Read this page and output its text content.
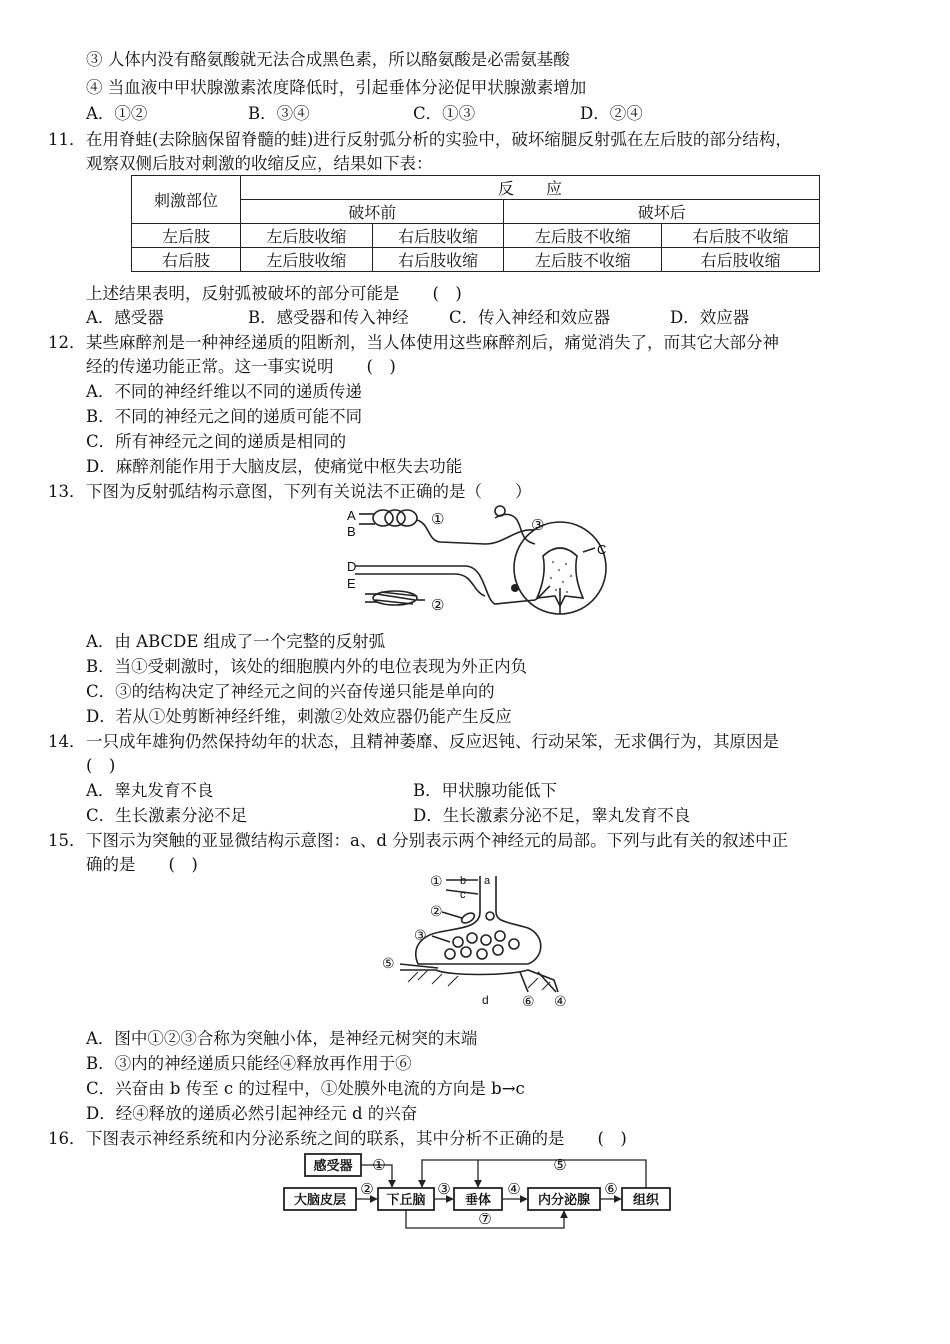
③ 人体内没有酪氨酸就无法合成黑色素，所以酪氨酸是必需氨基酸
④ 当血液中甲状腺激素浓度降低时，引起垂体分泌促甲状腺激素增加
A．①②	B．③④	C．①③	D．②④
11． 在用脊蛙(去除脑保留脊髓的蛙)进行反射弧分析的实验中，破坏缩腿反射弧在左后肢的部分结构，
观察双侧后肢对刺激的收缩反应，结果如下表：
刺激部位	反　　应			
	破坏前		破坏后	
左后肢	左后肢收缩	右后肢收缩	左后肢不收缩	右后肢不收缩
右后肢	左后肢收缩	右后肢收缩	左后肢不收缩	右后肢收缩
上述结果表明，反射弧被破坏的部分可能是　　(　)
A．感受器	B．感受器和传入神经 C．传入神经和效应器	D．效应器
12． 某些麻醉剂是一种神经递质的阻断剂，当人体使用这些麻醉剂后，痛觉消失了，而其它大部分神
经的传递功能正常。这一事实说明　　(　)
A．不同的神经纤维以不同的递质传递
B．不同的神经元之间的递质可能不同
C．所有神经元之间的递质是相同的
D．麻醉剂能作用于大脑皮层，使痛觉中枢失去功能
13． 下图为反射弧结构示意图，下列有关说法不正确的是（　　）
A
B
C
D
E
①
②
③
A．由 ABCDE 组成了一个完整的反射弧
B．当①受刺激时，该处的细胞膜内外的电位表现为外正内负
C．③的结构决定了神经元之间的兴奋传递只能是单向的
D．若从①处剪断神经纤维，刺激②处效应器仍能产生反应
14． 一只成年雄狗仍然保持幼年的状态，且精神萎靡、反应迟钝、行动呆笨，无求偶行为，其原因是
(　)
A．睾丸发育不良	B．甲状腺功能低下
C．生长激素分泌不足	D．生长激素分泌不足，睾丸发育不良
15． 下图示为突触的亚显微结构示意图：a、d 分别表示两个神经元的局部。下列与此有关的叙述中正
确的是　　(　)
① b
c
a
②
③
⑤
d ⑥ ④
A．图中①②③合称为突触小体，是神经元树突的末端
B．③内的神经递质只能经④释放再作用于⑥
C．兴奋由 b 传至 c 的过程中，①处膜外电流的方向是 b→c
D．经④释放的递质必然引起神经元 d 的兴奋
16． 下图表示神经系统和内分泌系统之间的联系，其中分析不正确的是　　(　)
感受器
大脑皮层	下丘脑	垂体	内分泌腺	组织
①
②	③	④
⑤
⑥
⑦
